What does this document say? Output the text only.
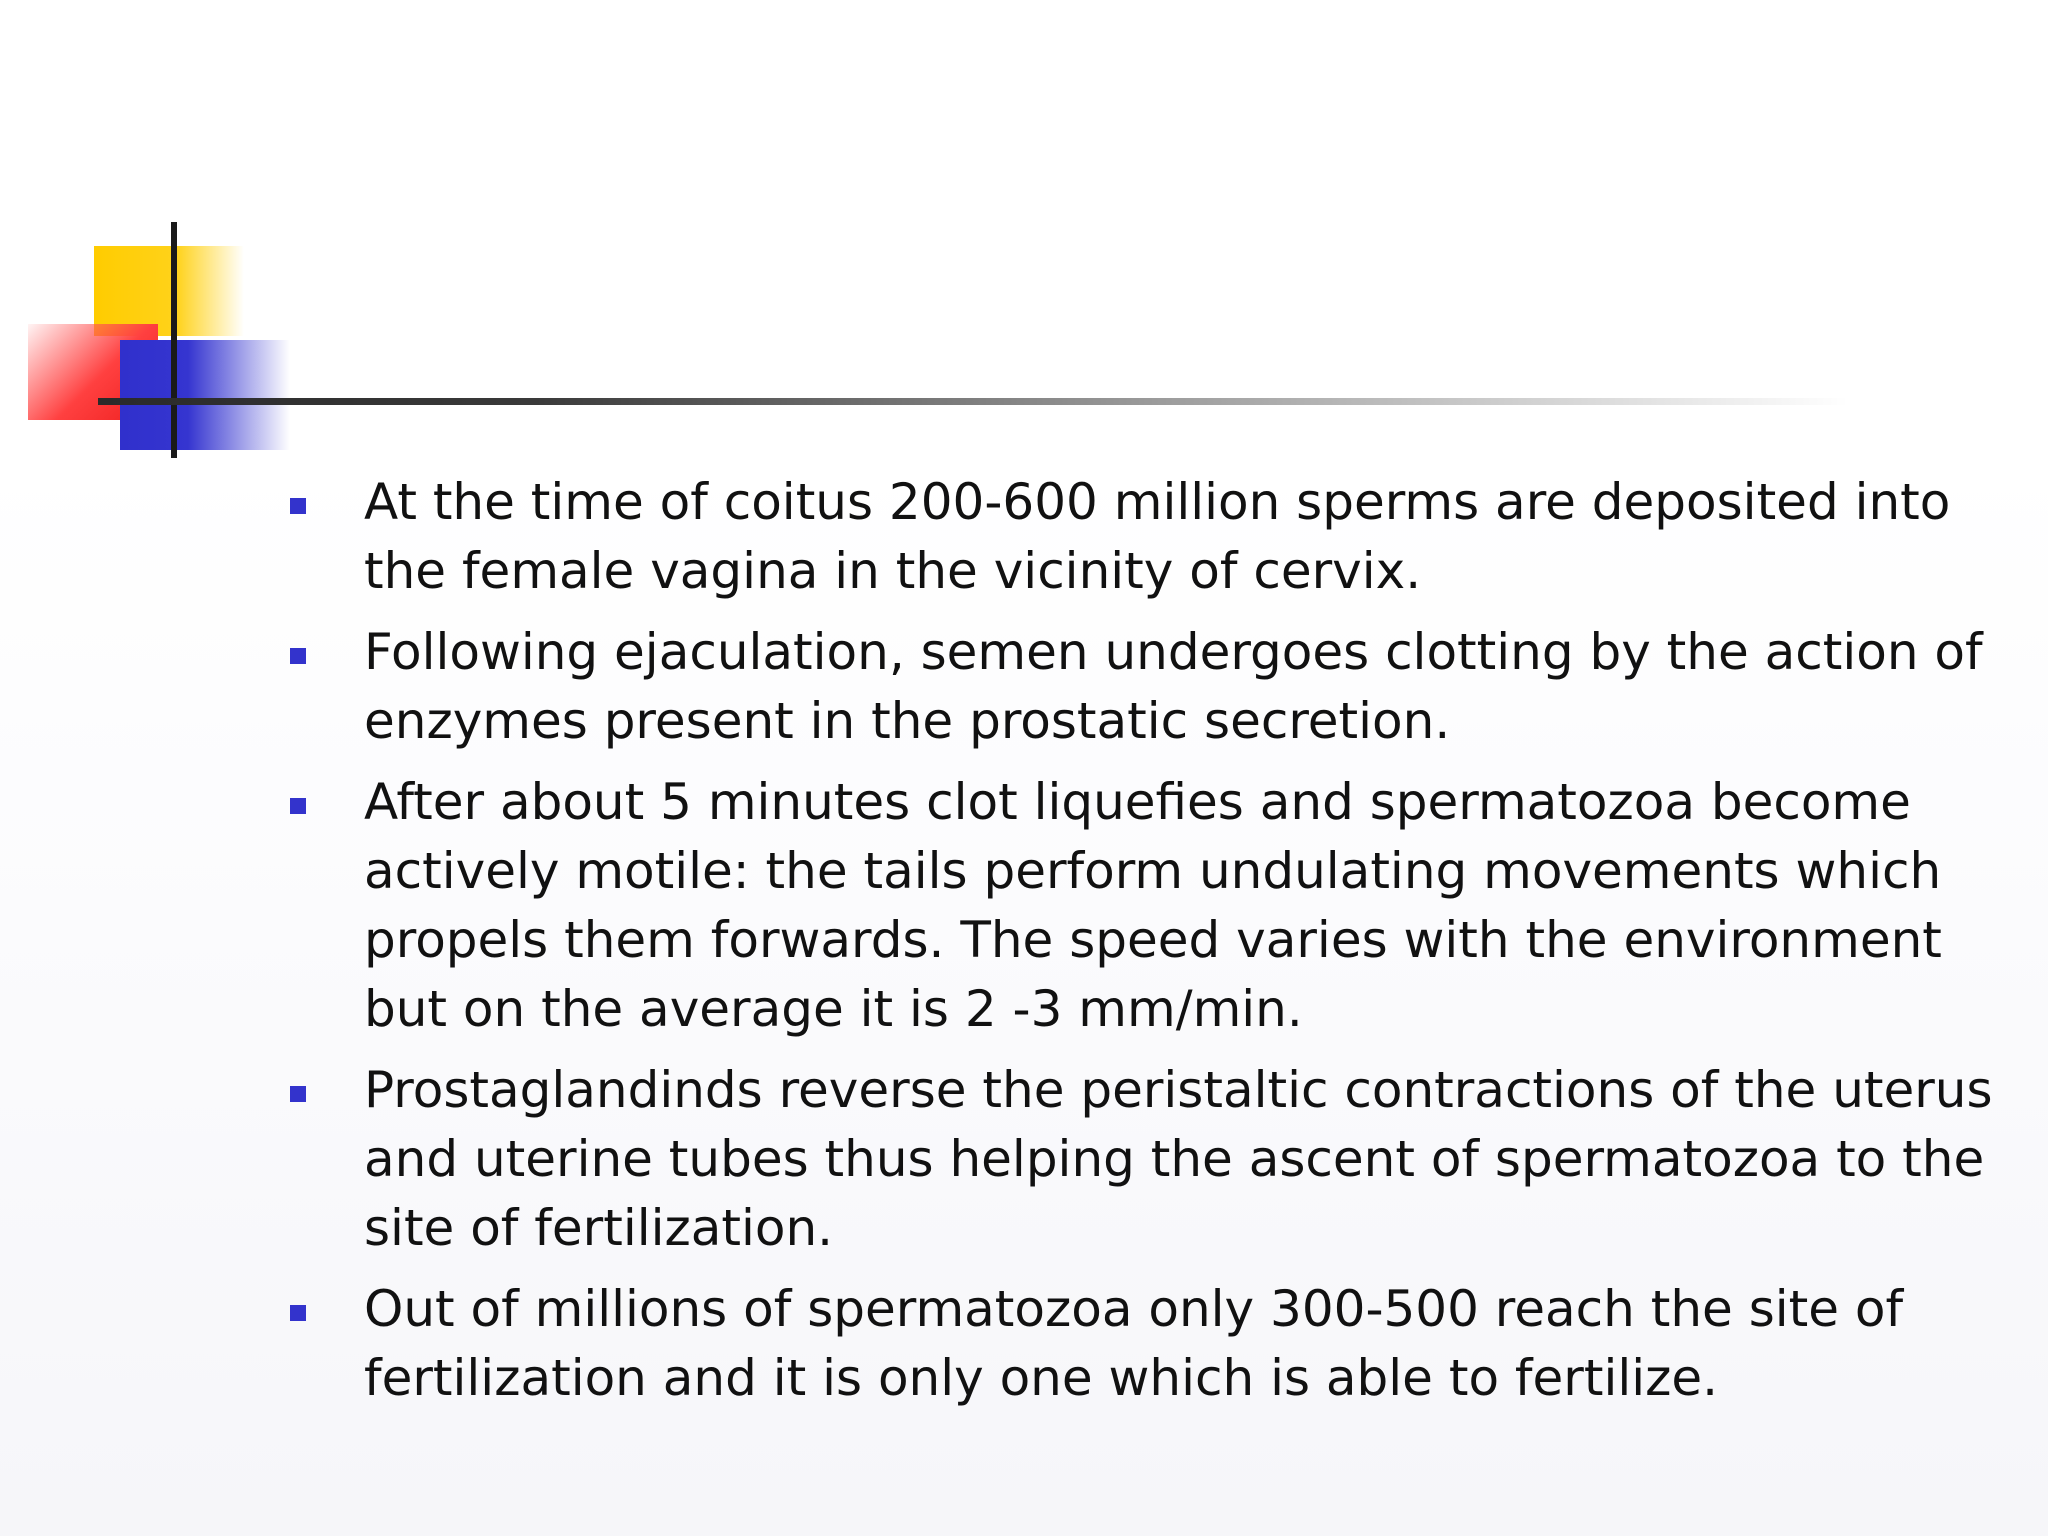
At the time of coitus 200-600 million sperms are deposited into the female vagina in the vicinity of cervix.
Following ejaculation, semen undergoes clotting by the action of enzymes present in the prostatic secretion.
After about 5 minutes clot liquefies and spermatozoa become actively motile: the tails perform undulating movements which propels them forwards. The speed varies with the environment but on the average it is 2 -3 mm/min.
Prostaglandinds reverse the peristaltic contractions of the uterus and uterine tubes thus helping the ascent of spermatozoa to the site of fertilization.
Out of millions of spermatozoa only 300-500 reach the site of fertilization and it is only one which is able to fertilize.
